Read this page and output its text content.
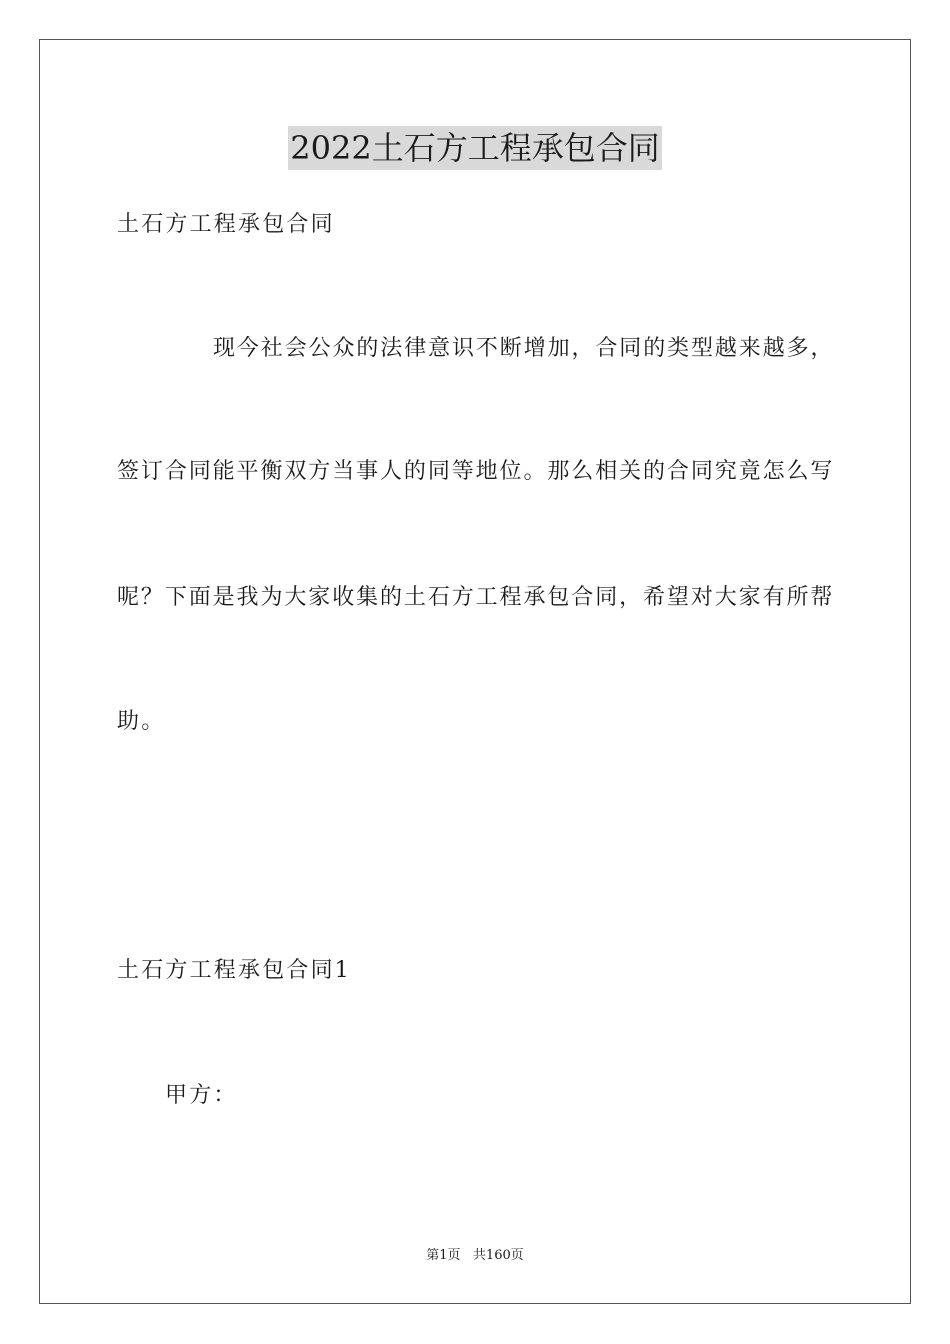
2022土石方工程承包合同
土石方工程承包合同
现今社会公众的法律意识不断增加，合同的类型越来越多，
签订合同能平衡双方当事人的同等地位。那么相关的合同究竟怎么写
呢？下面是我为大家收集的土石方工程承包合同，希望对大家有所帮
助。
土石方工程承包合同1
甲方：
第1页 共160页
